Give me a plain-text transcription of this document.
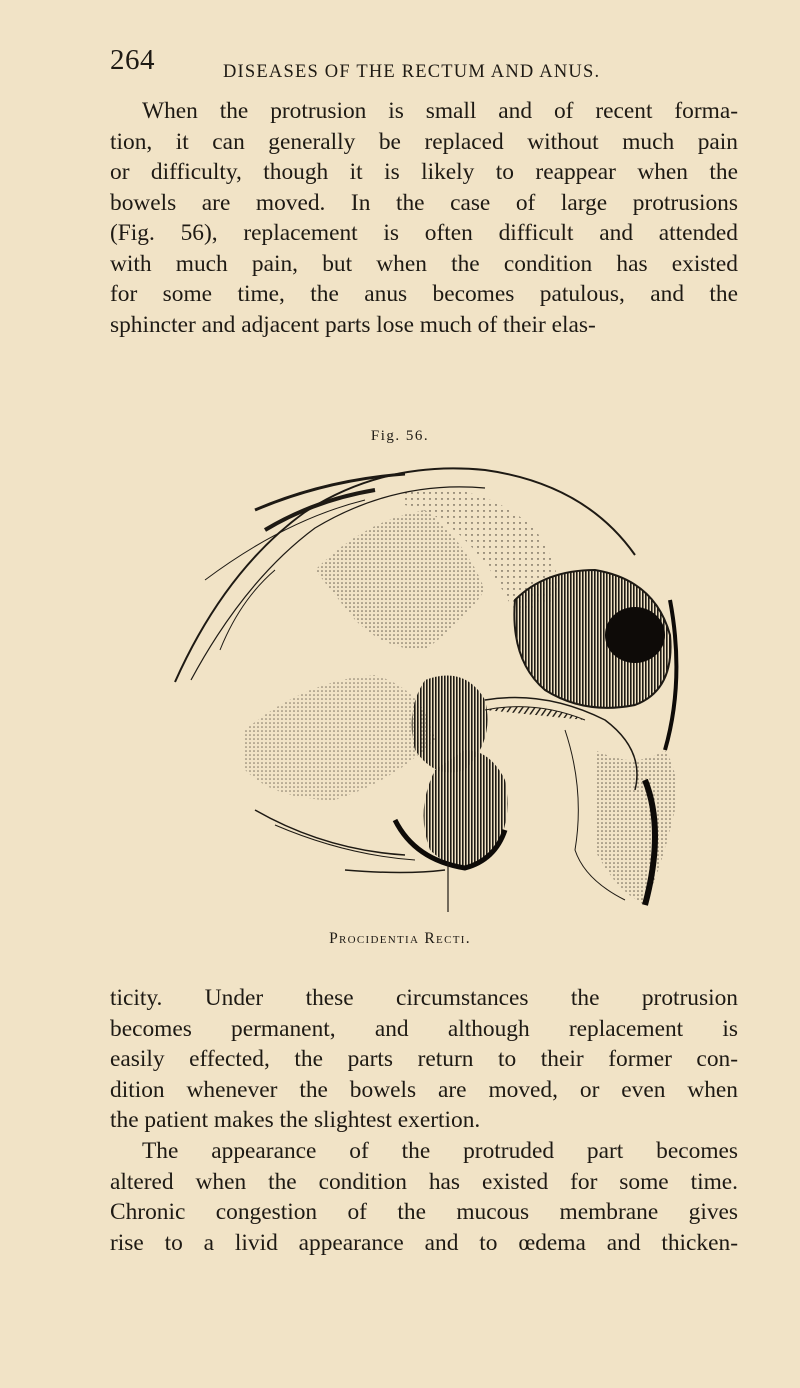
264	DISEASES OF THE RECTUM AND ANUS.

When the protrusion is small and of recent forma-
tion, it can generally be replaced without much pain
or difficulty, though it is likely to reappear when the
bowels are moved. In the case of large protrusions
(Fig. 56), replacement is often difficult and attended
with much pain, but when the condition has existed
for some time, the anus becomes patulous, and the
sphincter and adjacent parts lose much of their elas-

Fig. 56.
Procidentia Recti.

ticity. Under these circumstances the protrusion
becomes permanent, and although replacement is
easily effected, the parts return to their former con-
dition whenever the bowels are moved, or even when
the patient makes the slightest exertion.

The appearance of the protruded part becomes
altered when the condition has existed for some time.
Chronic congestion of the mucous membrane gives
rise to a livid appearance and to œdema and thicken-
